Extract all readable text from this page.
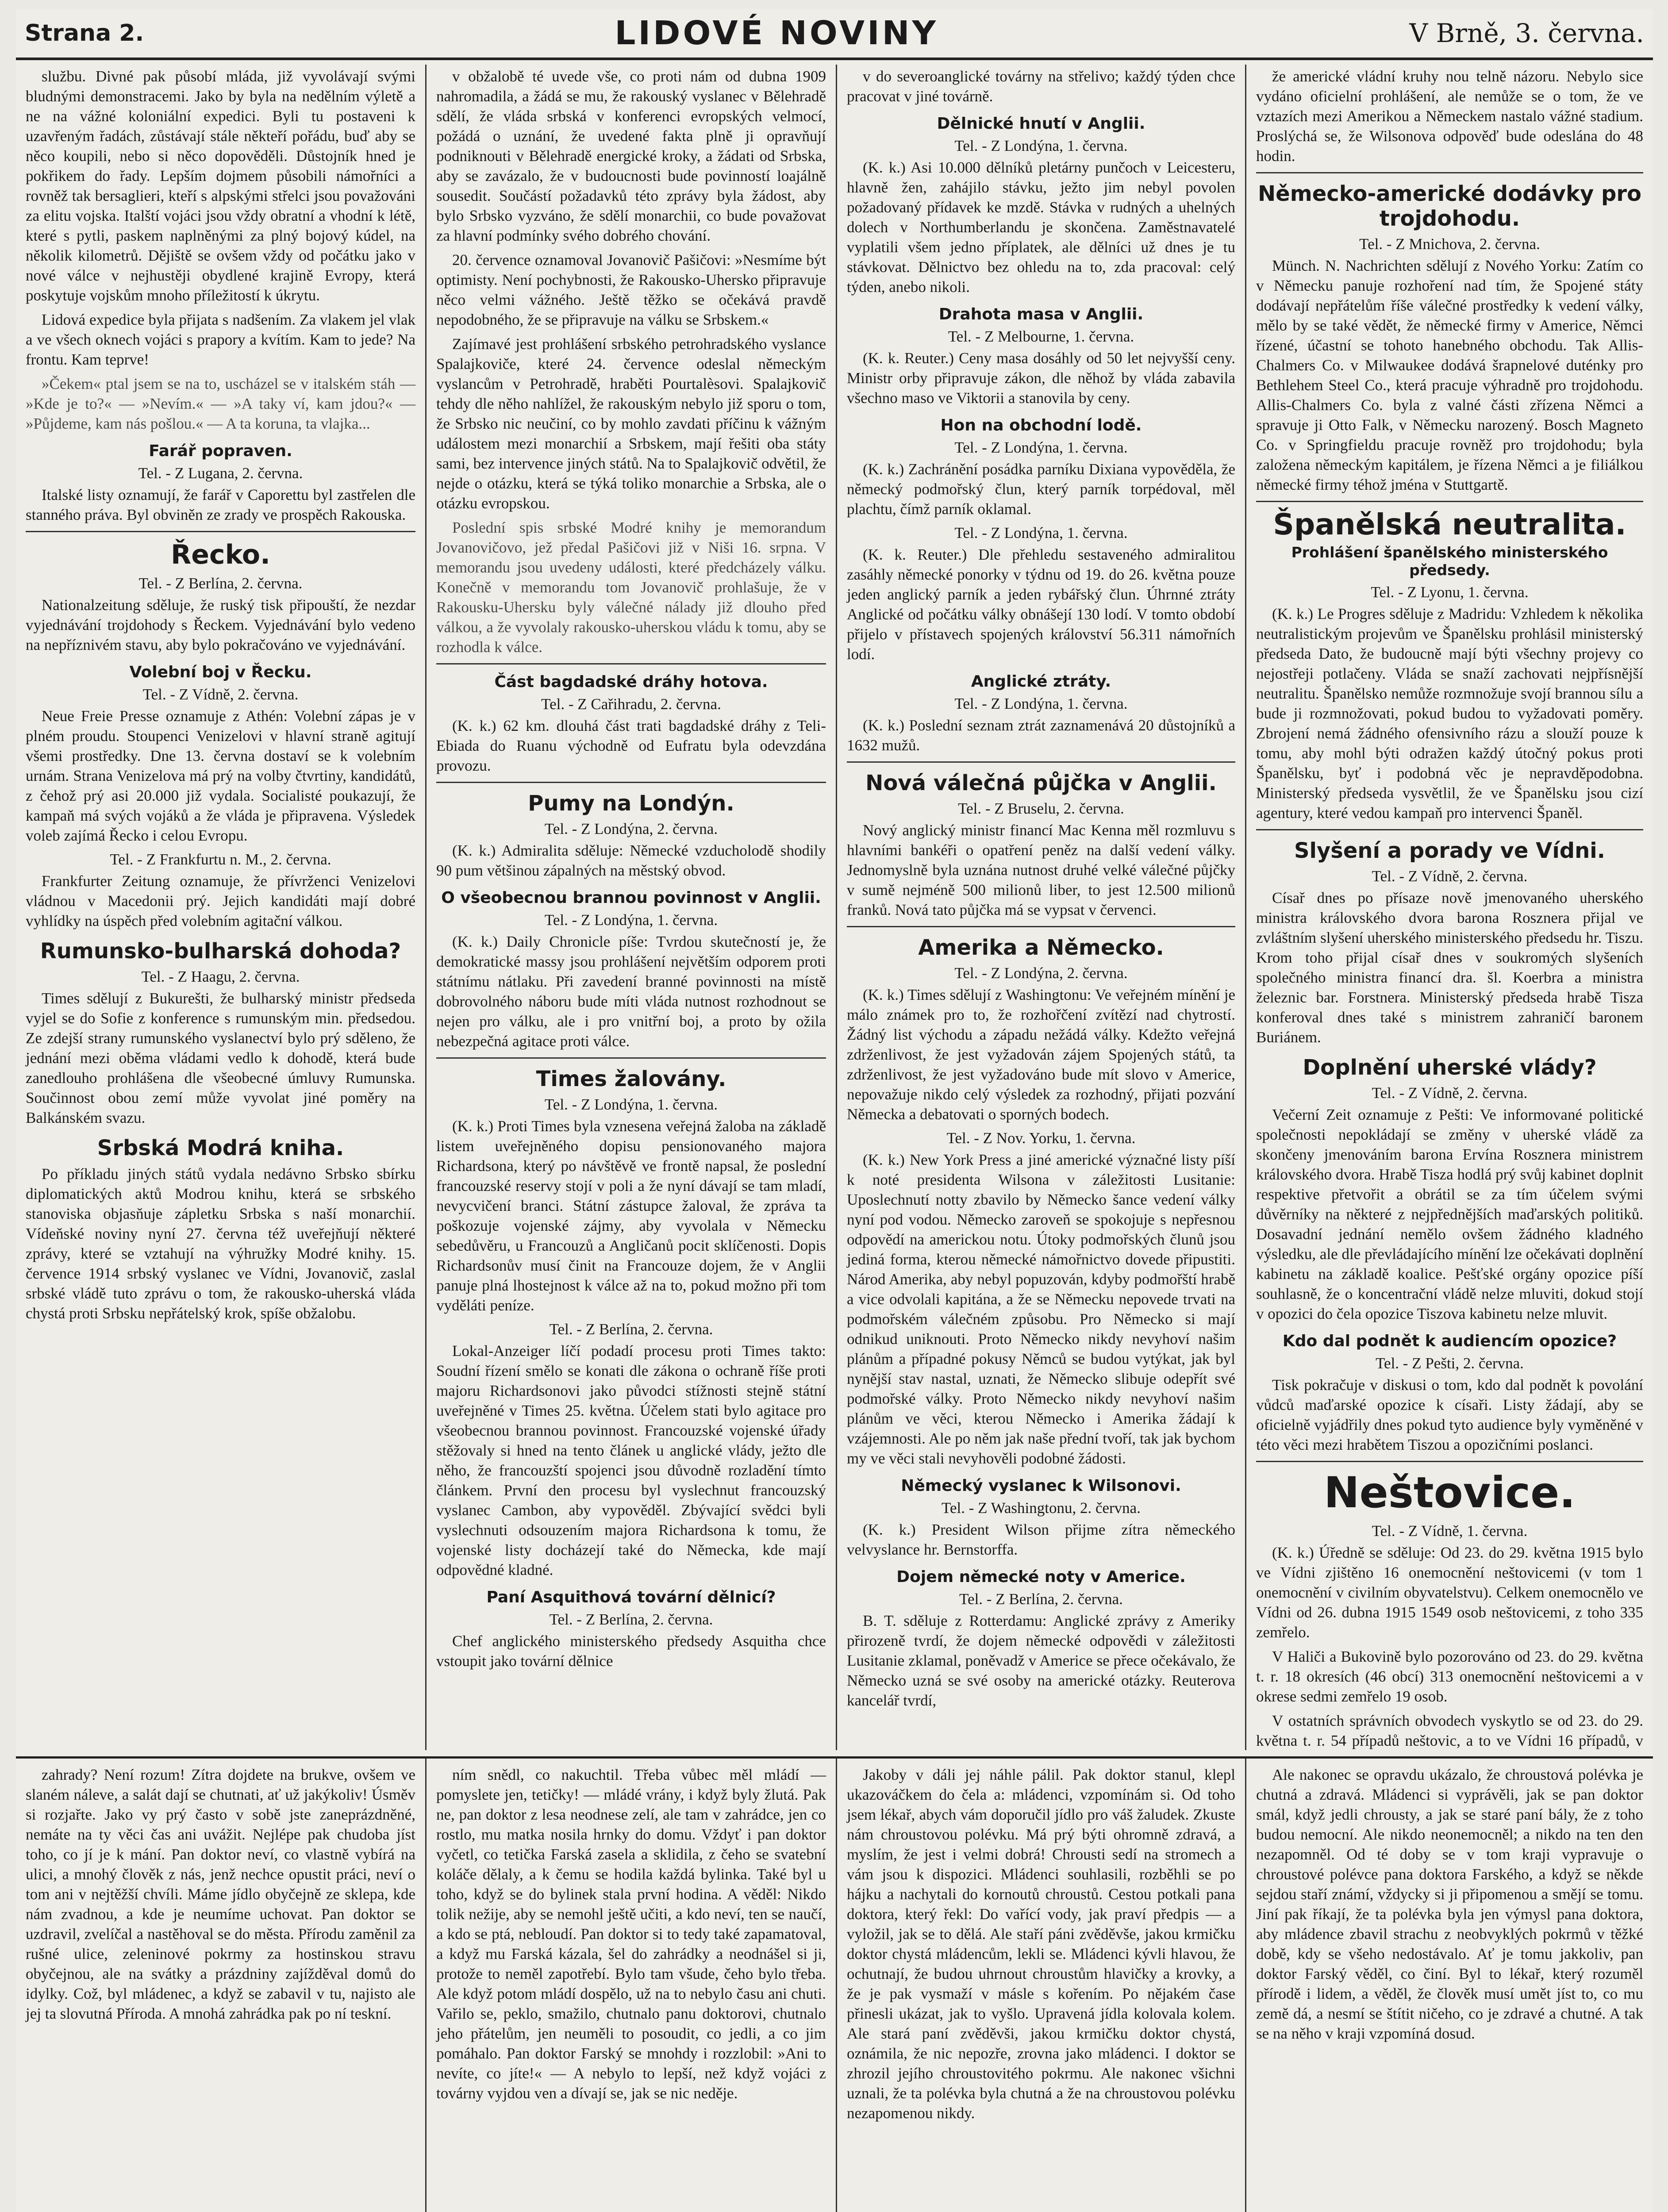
Strana 2.	LIDOVÉ NOVINY	V Brně, 3. června.

službu. Divné pak působí mláda, již vyvolávají svými bludnými demonstracemi. Jako by byla na nedělním výletě a ne na vážné koloniální expedici. Byli tu postaveni k uzavřeným řadách, zůstávají stále někteří pořádu, buď aby se něco koupili, nebo si něco dopověděli. Důstojník hned je pokřikem do řady. Lepším dojmem působili námořníci a rovněž tak bersaglieri, kteří s alpskými střelci jsou považováni za elitu vojska. Italští vojáci jsou vždy obratní a vhodní k létě, které s pytli, paskem naplněnými za plný bojový kúdel, na několik kilometrů. Dějiště se ovšem vždy od počátku jako v nové válce v nejhustěji obydlené krajině Evropy, která poskytuje vojskům mnoho příležitostí k úkrytu.

Lidová expedice byla přijata s nadšením. Za vlakem jel vlak a ve všech oknech vojáci s prapory a kvítím. Kam to jede? Na frontu. Kam teprve!

»Čekem« ptal jsem se na to, uscházel se v italském stáh — »Kde je to?« — »Nevím.« — »A taky ví, kam jdou?« — »Půjdeme, kam nás pošlou.« — A ta koruna, ta vlajka...

Farář popraven.
Tel. - Z Lugana, 2. června.

Italské listy oznamují, že farář v Caporettu byl zastřelen dle stanného práva. Byl obviněn ze zrady ve prospěch Rakouska.

Řecko.
Tel. - Z Berlína, 2. června.

Nationalzeitung sděluje, že ruský tisk připouští, že nezdar vyjednávání trojdohody s Řeckem. Vyjednávání bylo vedeno na nepříznivém stavu, aby bylo pokračováno ve vyjednávání.

Volební boj v Řecku.
Tel. - Z Vídně, 2. června.

Neue Freie Presse oznamuje z Athén: Volební zápas je v plném proudu. Stoupenci Venizelovi v hlavní straně agitují všemi prostředky. Dne 13. června dostaví se k volebním urnám. Strana Venizelova má prý na volby čtvrtiny, kandidátů, z čehož prý asi 20.000 již vydala. Socialisté poukazují, že kampaň má svých vojáků a že vláda je připravena. Výsledek voleb zajímá Řecko i celou Evropu.

Tel. - Z Frankfurtu n. M., 2. června.

Frankfurter Zeitung oznamuje, že přívrženci Venizelovi vládnou v Macedonii prý. Jejich kandidáti mají dobré vyhlídky na úspěch před volebním agitační válkou.

Rumunsko-bulharská dohoda?
Tel. - Z Haagu, 2. června.

Times sdělují z Bukurešti, že bulharský ministr předseda vyjel se do Sofie z konference s rumunským min. předsedou. Ze zdejší strany rumunského vyslanectví bylo prý sděleno, že jednání mezi oběma vládami vedlo k dohodě, která bude zanedlouho prohlášena dle všeobecné úmluvy Rumunska. Součinnost obou zemí může vyvolat jiné poměry na Balkánském svazu.

Srbská Modrá kniha.

Po příkladu jiných států vydala nedávno Srbsko sbírku diplomatických aktů Modrou knihu, která se srbského stanoviska objasňuje zápletku Srbska s naší monarchií. Vídeňské noviny nyní 27. června též uveřejňují některé zprávy, které se vztahují na výhružky Modré knihy. 15. července 1914 srbský vyslanec ve Vídni, Jovanovič, zaslal srbské vládě tuto zprávu o tom, že rakousko-uherská vláda chystá proti Srbsku nepřátelský krok, spíše obžalobu.

v obžalobě té uvede vše, co proti nám od dubna 1909 nahromadila, a žádá se mu, že rakouský vyslanec v Bělehradě sdělí, že vláda srbská v konferenci evropských velmocí, požádá o uznání, že uvedené fakta plně ji opravňují podniknouti v Bělehradě energické kroky, a žádati od Srbska, aby se zavázalo, že v budoucnosti bude povinností loajálně sousedit. Součástí požadavků této zprávy byla žádost, aby bylo Srbsko vyzváno, že sdělí monarchii, co bude považovat za hlavní podmínky svého dobrého chování.

20. července oznamoval Jovanovič Pašičovi: »Nesmíme být optimisty. Není pochybnosti, že Rakousko-Uhersko připravuje něco velmi vážného. Ještě těžko se očekává pravdě nepodobného, že se připravuje na válku se Srbskem.«

Zajímavé jest prohlášení srbského petrohradského vyslance Spalajkoviče, které 24. července odeslal německým vyslancům v Petrohradě, hraběti Pourtalèsovi. Spalajkovič tehdy dle něho nahlížel, že rakouským nebylo již sporu o tom, že Srbsko nic neučiní, co by mohlo zavdati příčinu k vážným událostem mezi monarchií a Srbskem, mají řešiti oba státy sami, bez intervence jiných států. Na to Spalajkovič odvětil, že nejde o otázku, která se týká toliko monarchie a Srbska, ale o otázku evropskou.

Poslední spis srbské Modré knihy je memorandum Jovanovičovo, jež předal Pašičovi již v Niši 16. srpna. V memorandu jsou uvedeny události, které předcházely válku. Konečně v memorandu tom Jovanovič prohlašuje, že v Rakousku-Uhersku byly válečné nálady již dlouho před válkou, a že vyvolaly rakousko-uherskou vládu k tomu, aby se rozhodla k válce.

Část bagdadské dráhy hotova.
Tel. - Z Cařihradu, 2. června.

(K. k.) 62 km. dlouhá část trati bagdadské dráhy z Teli-Ebiada do Ruanu východně od Eufratu byla odevzdána provozu.

Pumy na Londýn.
Tel. - Z Londýna, 2. června.

(K. k.) Admiralita sděluje: Německé vzducholodě shodily 90 pum většinou zápalných na městský obvod.

O všeobecnou brannou povinnost v Anglii.
Tel. - Z Londýna, 1. června.

(K. k.) Daily Chronicle píše: Tvrdou skutečností je, že demokratické massy jsou prohlášení největším odporem proti státnímu nátlaku. Při zavedení branné povinnosti na místě dobrovolného náboru bude míti vláda nutnost rozhodnout se nejen pro válku, ale i pro vnitřní boj, a proto by ožila nebezpečná agitace proti válce.

Times žalovány.
Tel. - Z Londýna, 1. června.

(K. k.) Proti Times byla vznesena veřejná žaloba na základě listem uveřejněného dopisu pensionovaného majora Richardsona, který po návštěvě ve frontě napsal, že poslední francouzské reservy stojí v poli a že nyní dávají se tam mladí, nevycvičení branci. Státní zástupce žaloval, že zpráva ta poškozuje vojenské zájmy, aby vyvolala v Německu sebedůvěru, u Francouzů a Angličanů pocit sklíčenosti. Dopis Richardsonův musí činit na Francouze dojem, že v Anglii panuje plná lhostejnost k válce až na to, pokud možno při tom vyděláti peníze.

Tel. - Z Berlína, 2. června.

Lokal-Anzeiger líčí podadí procesu proti Times takto: Soudní řízení smělo se konati dle zákona o ochraně říše proti majoru Richardsonovi jako původci stížnosti stejně státní uveřejněné v Times 25. května. Účelem stati bylo agitace pro všeobecnou brannou povinnost. Francouzské vojenské úřady stěžovaly si hned na tento článek u anglické vlády, ježto dle něho, že francouzští spojenci jsou důvodně rozladění tímto článkem. První den procesu byl vyslechnut francouzský vyslanec Cambon, aby vypověděl. Zbývající svědci byli vyslechnuti odsouzením majora Richardsona k tomu, že vojenské listy docházejí také do Německa, kde mají odpovědné kladné.

Paní Asquithová tovární dělnicí?
Tel. - Z Berlína, 2. června.

Chef anglického ministerského předsedy Asquitha chce vstoupit jako tovární dělnice

v do severoanglické továrny na střelivo; každý týden chce pracovat v jiné továrně.

Dělnické hnutí v Anglii.
Tel. - Z Londýna, 1. června.

(K. k.) Asi 10.000 dělníků pletárny punčoch v Leicesteru, hlavně žen, zahájilo stávku, ježto jim nebyl povolen požadovaný přídavek ke mzdě. Stávka v rudných a uhelných dolech v Northumberlandu je skončena. Zaměstnavatelé vyplatili všem jedno příplatek, ale dělníci už dnes je tu stávkovat. Dělnictvo bez ohledu na to, zda pracoval: celý týden, anebo nikoli.

Drahota masa v Anglii.
Tel. - Z Melbourne, 1. června.

(K. k. Reuter.) Ceny masa dosáhly od 50 let nejvyšší ceny. Ministr orby připravuje zákon, dle něhož by vláda zabavila všechno maso ve Viktorii a stanovila by ceny.

Hon na obchodní lodě.
Tel. - Z Londýna, 1. června.

(K. k.) Zachránění posádka parníku Dixiana vypověděla, že německý podmořský člun, který parník torpédoval, měl plachtu, čímž parník oklamal.

Tel. - Z Londýna, 1. června.

(K. k. Reuter.) Dle přehledu sestaveného admiralitou zasáhly německé ponorky v týdnu od 19. do 26. května pouze jeden anglický parník a jeden rybářský člun. Úhrnné ztráty Anglické od počátku války obnášejí 130 lodí. V tomto období přijelo v přístavech spojených království 56.311 námořních lodí.

Anglické ztráty.
Tel. - Z Londýna, 1. června.

(K. k.) Poslední seznam ztrát zaznamenává 20 důstojníků a 1632 mužů.

Nová válečná půjčka v Anglii.
Tel. - Z Bruselu, 2. června.

Nový anglický ministr financí Mac Kenna měl rozmluvu s hlavními bankéři o opatření peněz na další vedení války. Jednomyslně byla uznána nutnost druhé velké válečné půjčky v sumě nejméně 500 milionů liber, to jest 12.500 milionů franků. Nová tato půjčka má se vypsat v červenci.

Amerika a Německo.
Tel. - Z Londýna, 2. června.

(K. k.) Times sdělují z Washingtonu: Ve veřejném mínění je málo známek pro to, že rozhořčení zvítězí nad chytrostí. Žádný list východu a západu nežádá války. Kdežto veřejná zdrženlivost, že jest vyžadován zájem Spojených států, ta zdrženlivost, že jest vyžadováno bude mít slovo v Americe, nepovažuje nikdo celý výsledek za rozhodný, přijati pozvání Německa a debatovati o sporných bodech.

Tel. - Z Nov. Yorku, 1. června.

(K. k.) New York Press a jiné americké význačné listy píší k noté presidenta Wilsona v záležitosti Lusitanie: Uposlechnutí notty zbavilo by Německo šance vedení války nyní pod vodou. Německo zaroveň se spokojuje s nepřesnou odpovědí na americkou notu. Útoky podmořských člunů jsou jediná forma, kterou německé námořnictvo dovede připustiti. Národ Amerika, aby nebyl popuzován, kdyby podmořští hrabě a vice odvolali kapitána, a že se Německu nepovede trvati na podmořském válečném způsobu. Pro Německo si mají odnikud uniknouti. Proto Německo nikdy nevyhoví našim plánům a případné pokusy Němců se budou vytýkat, jak byl nynější stav nastal, uznati, že Německo slibuje odepřít své podmořské války. Proto Německo nikdy nevyhoví našim plánům ve věci, kterou Německo i Amerika žádají k vzájemnosti. Ale po něm jak naše přední tvoří, tak jak bychom my ve věci stali nevyhověli podobné žádosti.

Německý vyslanec k Wilsonovi.
Tel. - Z Washingtonu, 2. června.

(K. k.) President Wilson přijme zítra německého velvyslance hr. Bernstorffa.

Dojem německé noty v Americe.
Tel. - Z Berlína, 2. června.

B. T. sděluje z Rotterdamu: Anglické zprávy z Ameriky přirozeně tvrdí, že dojem německé odpovědi v záležitosti Lusitanie zklamal, poněvadž v Americe se přece očekávalo, že Německo uzná se své osoby na americké otázky. Reuterova kancelář tvrdí,

že americké vládní kruhy nou telně názoru. Nebylo sice vydáno oficielní prohlášení, ale nemůže se o tom, že ve vztazích mezi Amerikou a Německem nastalo vážné stadium. Proslýchá se, že Wilsonova odpověď bude odeslána do 48 hodin.

Německo-americké dodávky pro trojdohodu.
Tel. - Z Mnichova, 2. června.

Münch. N. Nachrichten sdělují z Nového Yorku: Zatím co v Německu panuje rozhoření nad tím, že Spojené státy dodávají nepřátelům říše válečné prostředky k vedení války, mělo by se také vědět, že německé firmy v Americe, Němci řízené, účastní se tohoto hanebného obchodu. Tak Allis-Chalmers Co. v Milwaukee dodává šrapnelové duténky pro Bethlehem Steel Co., která pracuje výhradně pro trojdohodu. Allis-Chalmers Co. byla z valné části zřízena Němci a spravuje ji Otto Falk, v Německu narozený. Bosch Magneto Co. v Springfieldu pracuje rovněž pro trojdohodu; byla založena německým kapitálem, je řízena Němci a je filiálkou německé firmy téhož jména v Stuttgartě.

Španělská neutralita.
Prohlášení španělského ministerského předsedy.
Tel. - Z Lyonu, 1. června.

(K. k.) Le Progres sděluje z Madridu: Vzhledem k několika neutralistickým projevům ve Španělsku prohlásil ministerský předseda Dato, že budoucně mají býti všechny projevy co nejostřeji potlačeny. Vláda se snaží zachovati nejpřísnější neutralitu. Španělsko nemůže rozmnožuje svojí brannou sílu a bude ji rozmnožovati, pokud budou to vyžadovati poměry. Zbrojení nemá žádného ofensivního rázu a slouží pouze k tomu, aby mohl býti odražen každý útočný pokus proti Španělsku, byť i podobná věc je nepravděpodobna. Ministerský předseda vysvětlil, že ve Španělsku jsou cizí agentury, které vedou kampaň pro intervenci Španěl.

Slyšení a porady ve Vídni.
Tel. - Z Vídně, 2. června.

Císař dnes po přísaze nově jmenovaného uherského ministra královského dvora barona Rosznera přijal ve zvláštním slyšení uherského ministerského předsedu hr. Tiszu. Krom toho přijal císař dnes v soukromých slyšeních společného ministra financí dra. šl. Koerbra a ministra železnic bar. Forstnera. Ministerský předseda hrabě Tisza konferoval dnes také s ministrem zahraničí baronem Buriánem.

Doplnění uherské vlády?
Tel. - Z Vídně, 2. června.

Večerní Zeit oznamuje z Pešti: Ve informované politické společnosti nepokládají se změny v uherské vládě za skončeny jmenováním barona Ervína Rosznera ministrem královského dvora. Hrabě Tisza hodlá prý svůj kabinet doplnit respektive přetvořit a obrátil se za tím účelem svými důvěrníky na některé z nejpřednějších maďarských politiků. Dosavadní jednání nemělo ovšem žádného kladného výsledku, ale dle převládajícího mínění lze očekávati doplnění kabinetu na základě koalice. Pešťské orgány opozice píší souhlasně, že o koncentrační vládě nelze mluviti, dokud stojí v opozici do čela opozice Tiszova kabinetu nelze mluvit.

Kdo dal podnět k audiencím opozice?
Tel. - Z Pešti, 2. června.

Tisk pokračuje v diskusi o tom, kdo dal podnět k povolání vůdců maďarské opozice k císaři. Listy žádají, aby se oficielně vyjádřily dnes pokud tyto audience byly vyměněné v této věci mezi hrabětem Tiszou a opozičními poslanci.

Neštovice.
Tel. - Z Vídně, 1. června.

(K. k.) Úředně se sděluje: Od 23. do 29. května 1915 bylo ve Vídni zjištěno 16 onemocnění neštovicemi (v tom 1 onemocnění v civilním obyvatelstvu). Celkem onemocnělo ve Vídni od 26. dubna 1915 1549 osob neštovicemi, z toho 335 zemřelo.

V Haliči a Bukovině bylo pozorováno od 23. do 29. května t. r. 18 okresích (46 obcí) 313 onemocnění neštovicemi a v okrese sedmi zemřelo 19 osob.

V ostatních správních obvodech vyskytlo se od 23. do 29. května t. r. 54 případů neštovic, a to ve Vídni 16 případů, v

zahrady? Není rozum! Zítra dojdete na brukve, ovšem ve slaném náleve, a salát dají se chutnati, ať už jakýkoliv! Úsměv si rozjařte. Jako vy prý často v sobě jste zaneprázdněné, nemáte na ty věci čas ani uvážit. Nejlépe pak chudoba jíst toho, co jí je k mání. Pan doktor neví, co vlastně vybírá na ulici, a mnohý člověk z nás, jenž nechce opustit práci, neví o tom ani v nejtěžší chvíli. Máme jídlo obyčejně ze sklepa, kde nám zvadnou, a kde je neumíme uchovat. Pan doktor se uzdravil, zvelíčal a nastěhoval se do města. Přírodu zaměnil za rušné ulice, zeleninové pokrmy za hostinskou stravu obyčejnou, ale na svátky a prázdniny zajížděval domů do idylky. Což, byl mládenec, a když se zabavil v tu, najisto ale jej ta slovutná Příroda. A mnohá zahrádka pak po ní teskní.

ním snědl, co nakuchtil. Třeba vůbec měl mládí — pomyslete jen, tetičky! — mládé vrány, i když byly žlutá. Pak ne, pan doktor z lesa neodnese zelí, ale tam v zahrádce, jen co rostlo, mu matka nosila hrnky do domu. Vždyť i pan doktor vyčetl, co tetička Farská zasela a sklidila, z čeho se svatební koláče dělaly, a k čemu se hodila každá bylinka. Také byl u toho, když se do bylinek stala první hodina. A věděl: Nikdo tolik nežije, aby se nemohl ještě učiti, a kdo neví, ten se naučí, a kdo se ptá, nebloudí. Pan doktor si to tedy také zapamatoval, a když mu Farská kázala, šel do zahrádky a neodnášel si ji, protože to neměl zapotřebí. Bylo tam všude, čeho bylo třeba. Ale když potom mládí dospělo, už na to nebylo času ani chuti. Vařilo se, peklo, smažilo, chutnalo panu doktorovi, chutnalo jeho přátelům, jen neuměli to posoudit, co jedli, a co jim pomáhalo. Pan doktor Farský se mnohdy i rozzlobil: »Ani to nevíte, co jíte!« — A nebylo to lepší, než když vojáci z továrny vyjdou ven a dívají se, jak se nic neděje.

Jakoby v dáli jej náhle pálil. Pak doktor stanul, klepl ukazováčkem do čela a: mládenci, vzpomínám si. Od toho jsem lékař, abych vám doporučil jídlo pro váš žaludek. Zkuste nám chroustovou polévku. Má prý býti ohromně zdravá, a myslím, že jest i velmi dobrá! Chrousti sedí na stromech a vám jsou k dispozici. Mládenci souhlasili, rozběhli se po hájku a nachytali do kornoutů chroustů. Cestou potkali pana doktora, který řekl: Do vařící vody, jak praví předpis — a vyložil, jak se to dělá. Ale staří páni zvěděvše, jakou krmičku doktor chystá mládencům, lekli se. Mládenci kývli hlavou, že ochutnají, že budou uhrnout chroustům hlavičky a krovky, a že je pak vysmaží v másle s kořením. Po nějakém čase přinesli ukázat, jak to vyšlo. Upravená jídla kolovala kolem. Ale stará paní zvěděvši, jakou krmičku doktor chystá, oznámila, že nic nepozře, zrovna jako mládenci. I doktor se zhrozil jejího chroustovitého pokrmu. Ale nakonec všichni uznali, že ta polévka byla chutná a že na chroustovou polévku nezapomenou nikdy.

Ale nakonec se opravdu ukázalo, že chroustová polévka je chutná a zdravá. Mládenci si vyprávěli, jak se pan doktor smál, když jedli chrousty, a jak se staré paní bály, že z toho budou nemocní. Ale nikdo neonemocněl; a nikdo na ten den nezapomněl. Od té doby se v tom kraji vypravuje o chroustové polévce pana doktora Farského, a když se někde sejdou staří známí, vždycky si ji připomenou a smějí se tomu. Jiní pak říkají, že ta polévka byla jen výmysl pana doktora, aby mládence zbavil strachu z neobvyklých pokrmů v těžké době, kdy se všeho nedostávalo. Ať je tomu jakkoliv, pan doktor Farský věděl, co činí. Byl to lékař, který rozuměl přírodě i lidem, a věděl, že člověk musí umět jíst to, co mu země dá, a nesmí se štítit ničeho, co je zdravé a chutné. A tak se na něho v kraji vzpomíná dosud.
